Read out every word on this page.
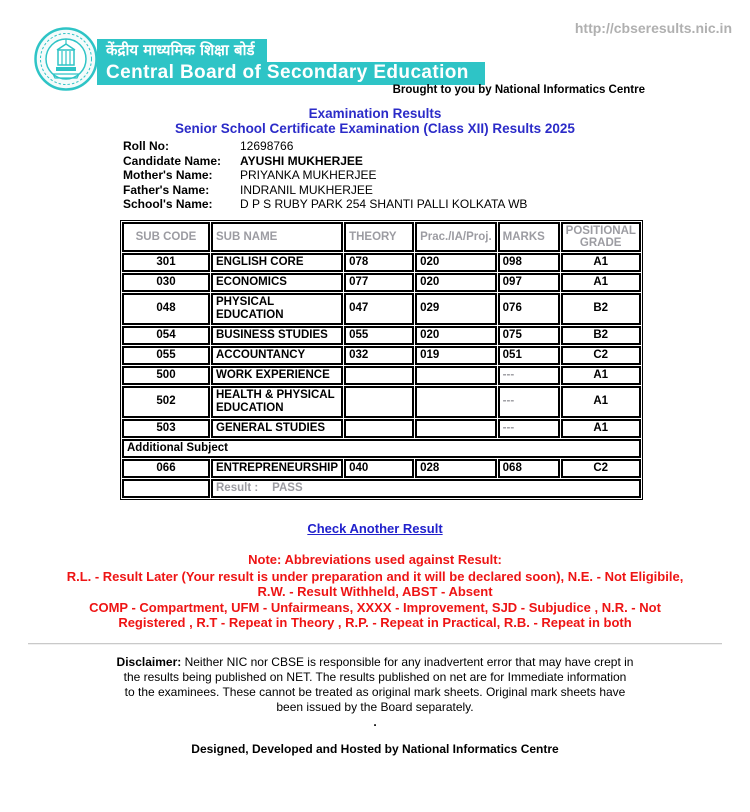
http://cbseresults.nic.in
केंद्रीय माध्यमिक शिक्षा बोर्ड
Central Board of Secondary Education
Brought to you by National Informatics Centre
Examination Results
Senior School Certificate Examination (Class XII) Results 2025
Roll No:	12698766
Candidate Name:	AYUSHI MUKHERJEE
Mother's Name:	PRIYANKA MUKHERJEE
Father's Name:	INDRANIL MUKHERJEE
School's Name:	D P S RUBY PARK 254 SHANTI PALLI KOLKATA WB
SUB CODE	SUB NAME	THEORY	Prac./IA/Proj.	MARKS	POSITIONAL GRADE
301	ENGLISH CORE	078	020	098	A1
030	ECONOMICS	077	020	097	A1
048	PHYSICAL EDUCATION	047	029	076	B2
054	BUSINESS STUDIES	055	020	075	B2
055	ACCOUNTANCY	032	019	051	C2
500	WORK EXPERIENCE			---	A1
502	HEALTH & PHYSICAL EDUCATION			---	A1
503	GENERAL STUDIES			---	A1
Additional Subject					
066	ENTREPRENEURSHIP	040	028	068	C2
	Result : PASS				
Check Another Result
Note: Abbreviations used against Result:
R.L. - Result Later (Your result is under preparation and it will be declared soon), N.E. - Not Eligibile,
R.W. - Result Withheld, ABST - Absent
COMP - Compartment, UFM - Unfairmeans, XXXX - Improvement, SJD - Subjudice , N.R. - Not
Registered , R.T - Repeat in Theory , R.P. - Repeat in Practical, R.B. - Repeat in both
Disclaimer: Neither NIC nor CBSE is responsible for any inadvertent error that may have crept in
the results being published on NET. The results published on net are for Immediate information
to the examinees. These cannot be treated as original mark sheets. Original mark sheets have
been issued by the Board separately.
.
Designed, Developed and Hosted by National Informatics Centre
